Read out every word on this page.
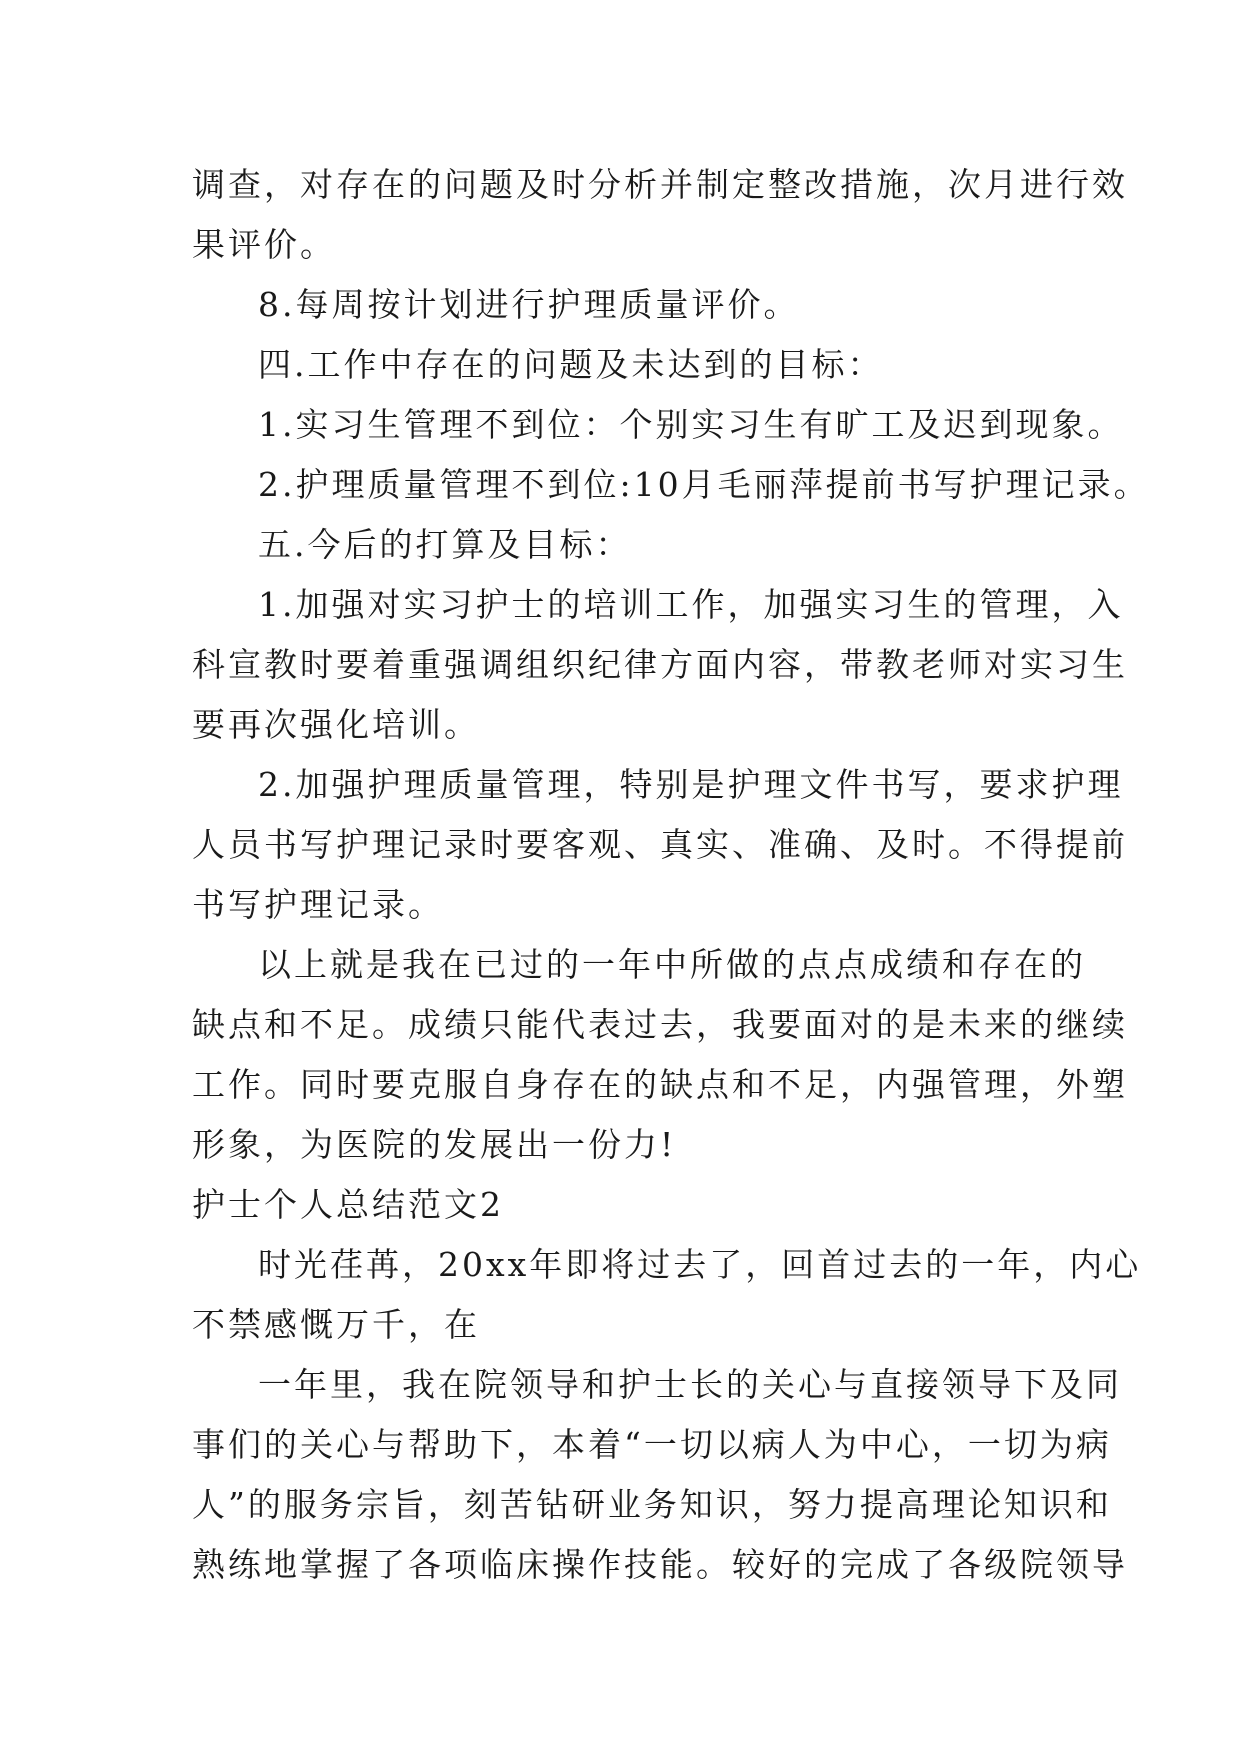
调查，对存在的问题及时分析并制定整改措施，次月进行效
果评价。
8.每周按计划进行护理质量评价。
四.工作中存在的问题及未达到的目标：
1.实习生管理不到位：个别实习生有旷工及迟到现象。
2.护理质量管理不到位:10月毛丽萍提前书写护理记录。
五.今后的打算及目标：
1.加强对实习护士的培训工作，加强实习生的管理，入
科宣教时要着重强调组织纪律方面内容，带教老师对实习生
要再次强化培训。
2.加强护理质量管理，特别是护理文件书写，要求护理
人员书写护理记录时要客观、真实、准确、及时。不得提前
书写护理记录。
以上就是我在已过的一年中所做的点点成绩和存在的
缺点和不足。成绩只能代表过去，我要面对的是未来的继续
工作。同时要克服自身存在的缺点和不足，内强管理，外塑
形象，为医院的发展出一份力!
护士个人总结范文2
时光荏苒，20xx年即将过去了，回首过去的一年，内心
不禁感慨万千，在
一年里，我在院领导和护士长的关心与直接领导下及同
事们的关心与帮助下，本着“一切以病人为中心，一切为病
人”的服务宗旨，刻苦钻研业务知识，努力提高理论知识和
熟练地掌握了各项临床操作技能。较好的完成了各级院领导
